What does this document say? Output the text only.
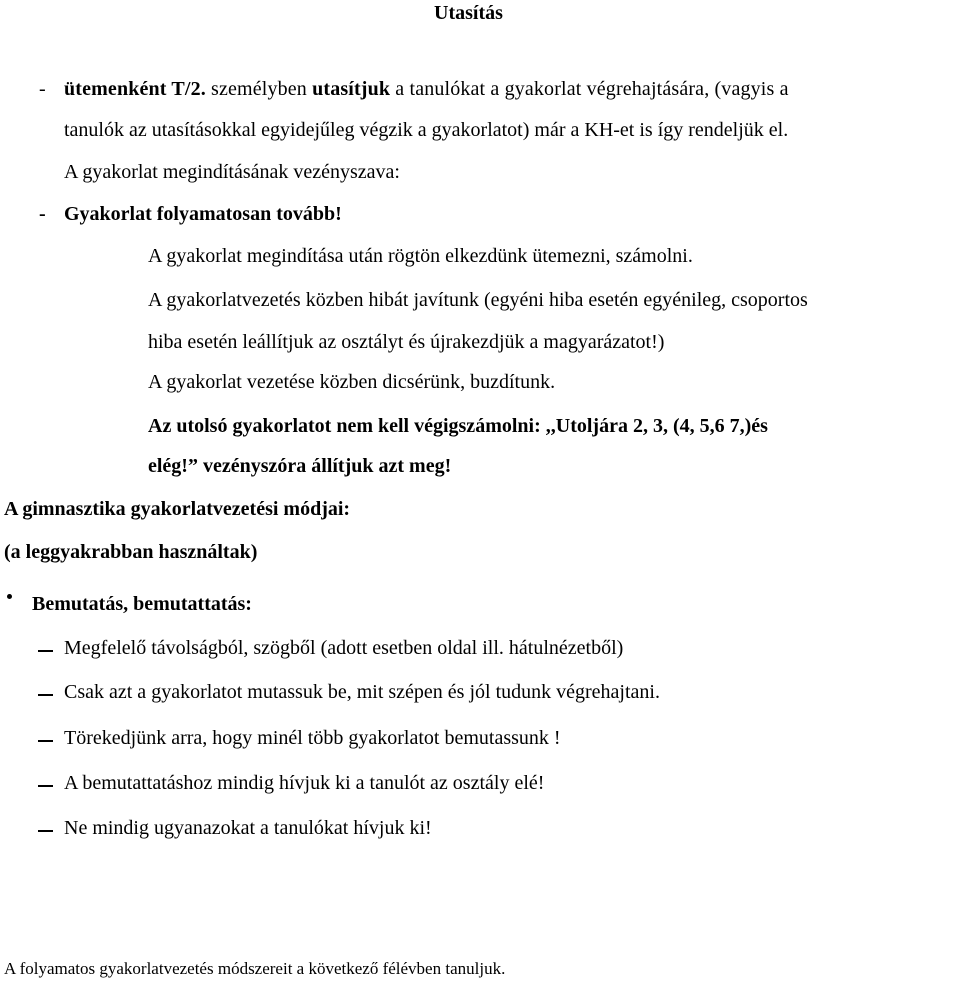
Utasítás
- ütemenként T/2. személyben utasítjuk a tanulókat a gyakorlat végrehajtására, (vagyis a
tanulók az utasításokkal egyidejűleg végzik a gyakorlatot) már a KH-et is így rendeljük el.
A gyakorlat megindításának vezényszava:
- Gyakorlat folyamatosan tovább!
A gyakorlat megindítása után rögtön elkezdünk ütemezni, számolni.
A gyakorlatvezetés közben hibát javítunk (egyéni hiba esetén egyénileg, csoportos
hiba esetén leállítjuk az osztályt és újrakezdjük a magyarázatot!)
A gyakorlat vezetése közben dicsérünk, buzdítunk.
Az utolsó gyakorlatot nem kell végigszámolni: ,,Utoljára 2, 3, (4, 5,6 7,)és
elég!” vezényszóra állítjuk azt meg!
A gimnasztika gyakorlatvezetési módjai:
(a leggyakrabban használtak)
Bemutatás, bemutattatás:
Megfelelő távolságból, szögből (adott esetben oldal ill. hátulnézetből)
Csak azt a gyakorlatot mutassuk be, mit szépen és jól tudunk végrehajtani.
Törekedjünk arra, hogy minél több gyakorlatot bemutassunk !
A bemutattatáshoz mindig hívjuk ki a tanulót az osztály elé!
Ne mindig ugyanazokat a tanulókat hívjuk ki!
A folyamatos gyakorlatvezetés módszereit a következő félévben tanuljuk.
